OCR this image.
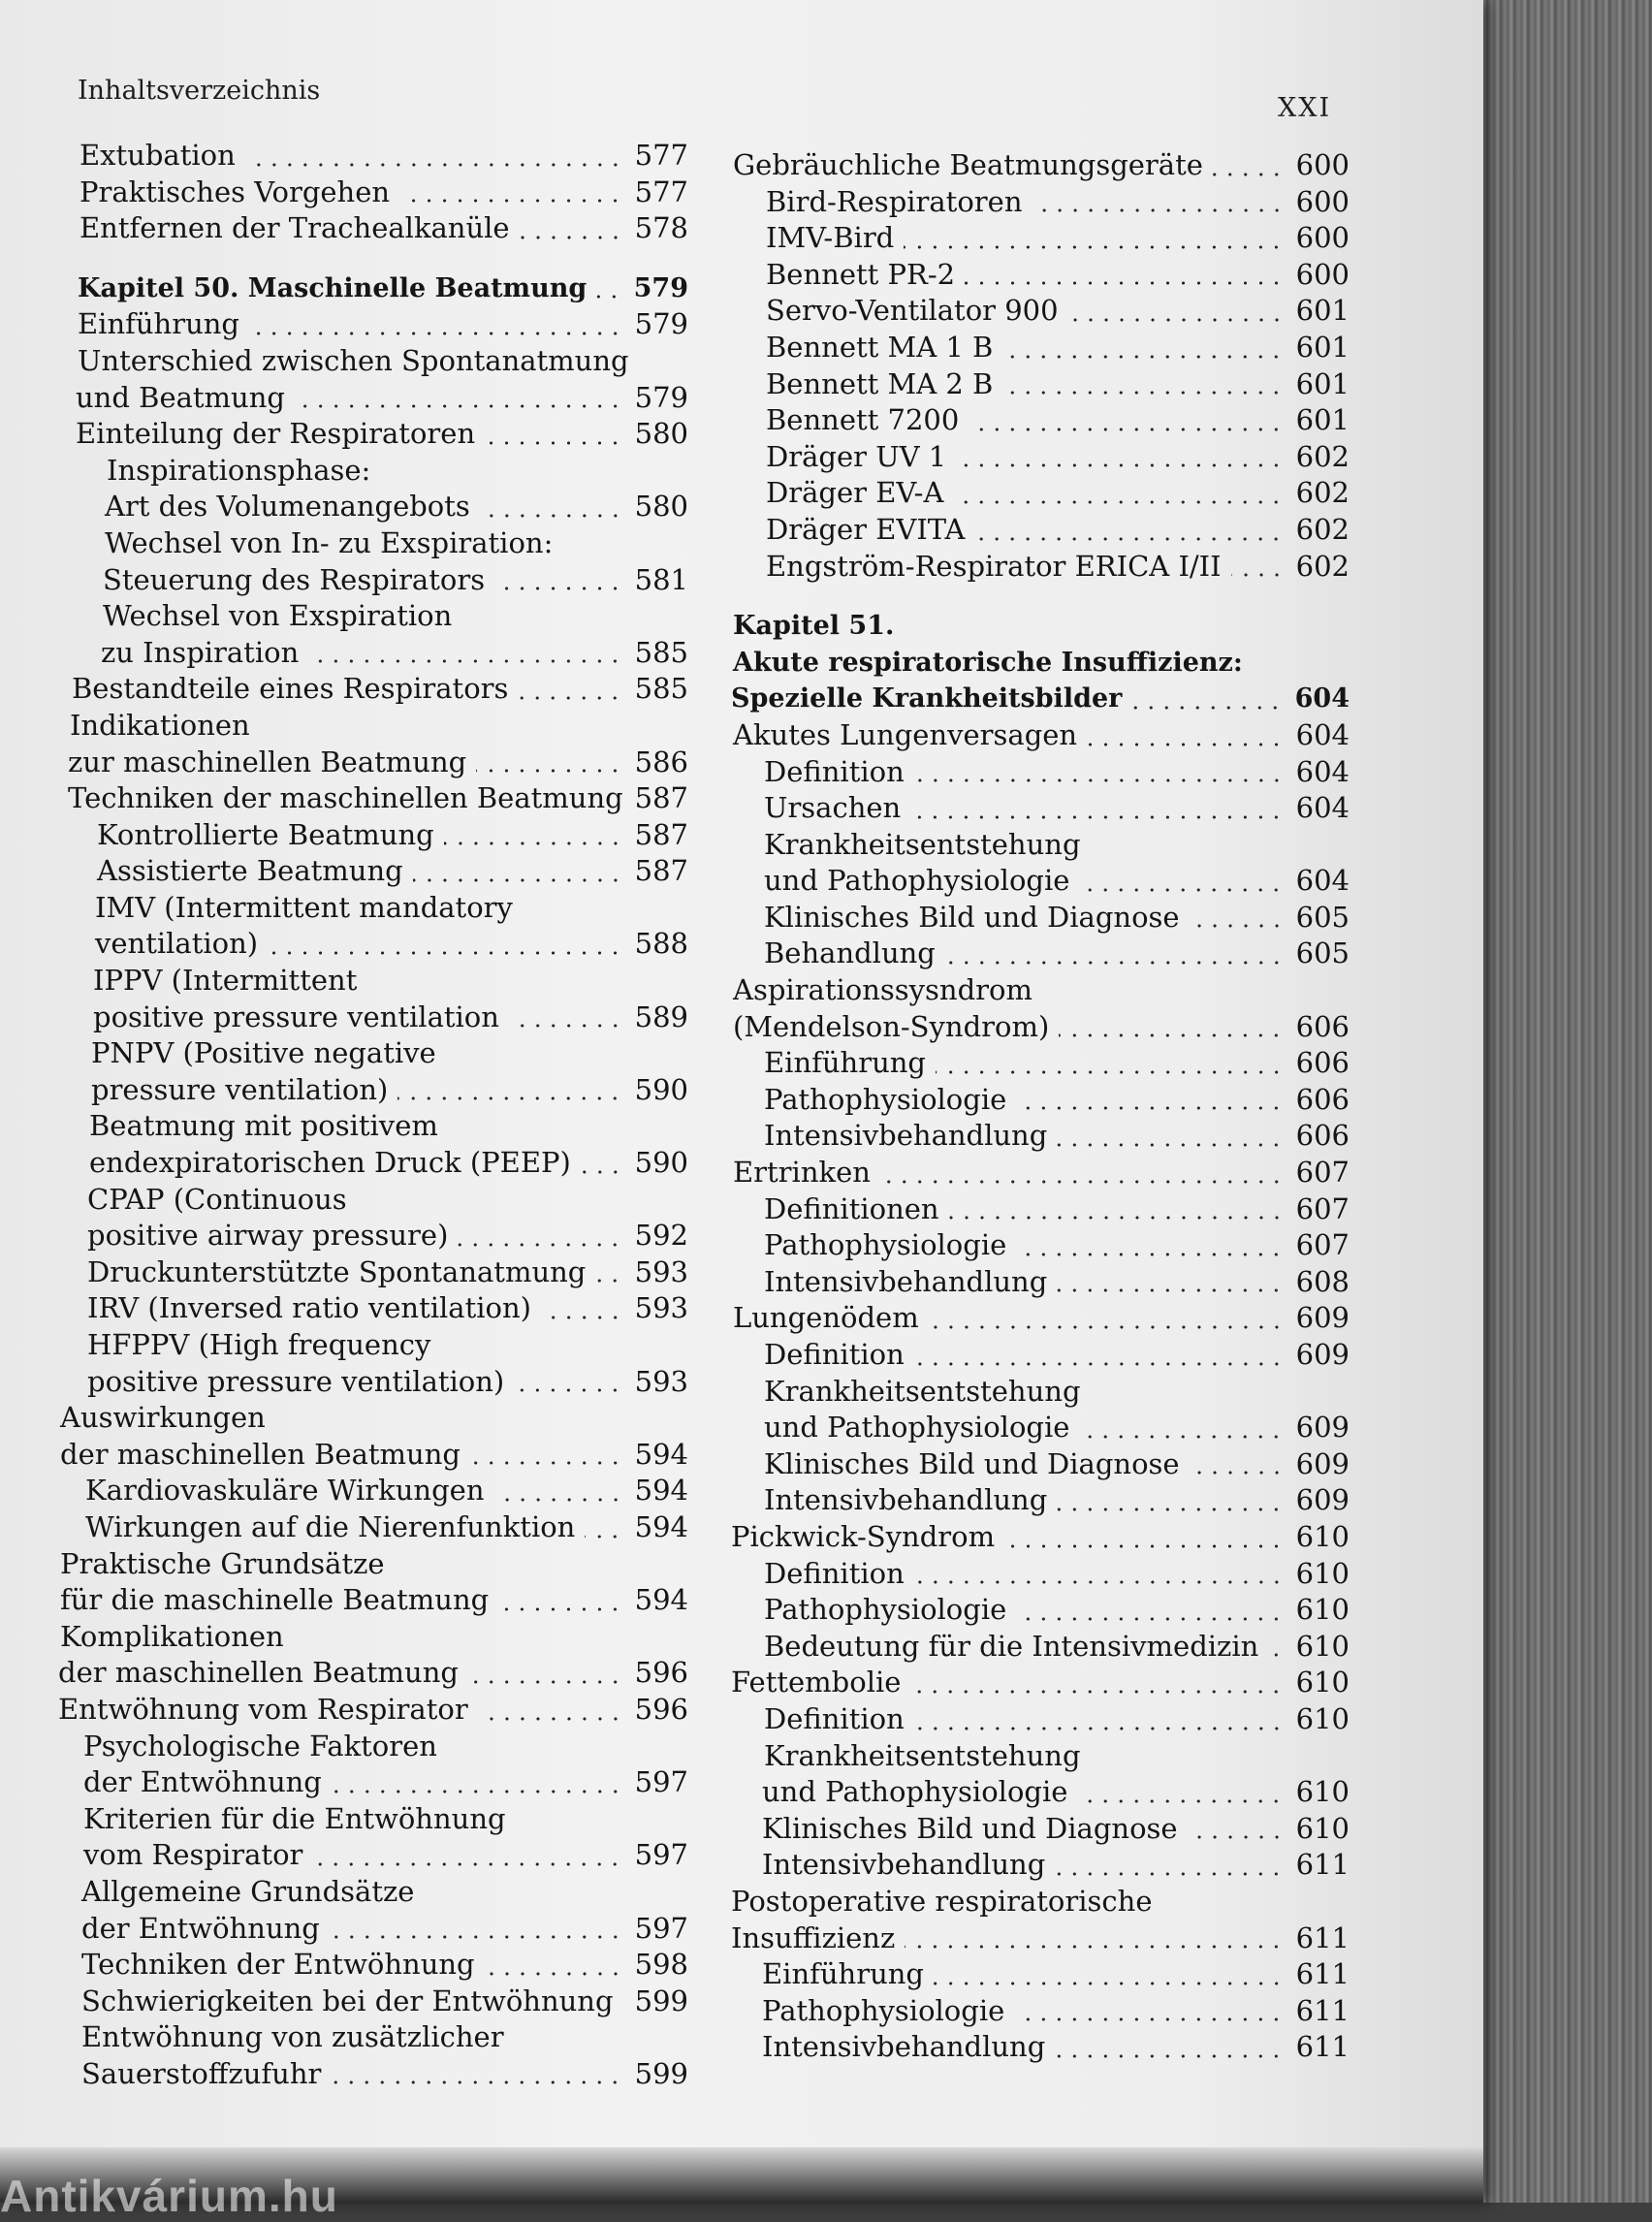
Inhaltsverzeichnis
XXI
Extubation	577
Praktisches Vorgehen	577
Entfernen der Trachealkanüle	578
Kapitel 50. Maschinelle Beatmung 579
Einführung	579
Unterschied zwischen Spontanatmung
und Beatmung	579
Einteilung der Respiratoren	580
Inspirationsphase:
Art des Volumenangebots	580
Wechsel von In- zu Exspiration:
Steuerung des Respirators	581
Wechsel von Exspiration
zu Inspiration	585
Bestandteile eines Respirators	585
Indikationen
zur maschinellen Beatmung	586
Techniken der maschinellen Beatmung 587
Kontrollierte Beatmung	587
Assistierte Beatmung	587
IMV (Intermittent mandatory
ventilation)	588
IPPV (Intermittent
positive pressure ventilation	589
PNPV (Positive negative
pressure ventilation)	590
Beatmung mit positivem
endexpiratorischen Druck (PEEP) 590
CPAP (Continuous
positive airway pressure)	592
Druckunterstützte Spontanatmung 593
IRV (Inversed ratio ventilation)	593
HFPPV (High frequency
positive pressure ventilation)	593
Auswirkungen
der maschinellen Beatmung	594
Kardiovaskuläre Wirkungen	594
Wirkungen auf die Nierenfunktion 594
Praktische Grundsätze
für die maschinelle Beatmung	594
Komplikationen
der maschinellen Beatmung	596
Entwöhnung vom Respirator	596
Psychologische Faktoren
der Entwöhnung	597
Kriterien für die Entwöhnung
vom Respirator	597
Allgemeine Grundsätze
der Entwöhnung	597
Techniken der Entwöhnung	598
Schwierigkeiten bei der Entwöhnung 599
Entwöhnung von zusätzlicher
Sauerstoffzufuhr	599
Gebräuchliche Beatmungsgeräte	600
Bird-Respiratoren	600
IMV-Bird	600
Bennett PR-2	600
Servo-Ventilator 900	601
Bennett MA 1 B	601
Bennett MA 2 B	601
Bennett 7200	601
Dräger UV 1	602
Dräger EV-A	602
Dräger EVITA	602
Engström-Respirator ERICA I/II	602
Kapitel 51.
Akute respiratorische Insuffizienz:
Spezielle Krankheitsbilder	604
Akutes Lungenversagen	604
Definition	604
Ursachen	604
Krankheitsentstehung
und Pathophysiologie	604
Klinisches Bild und Diagnose	605
Behandlung	605
Aspirationssysndrom
(Mendelson-Syndrom)	606
Einführung	606
Pathophysiologie	606
Intensivbehandlung	606
Ertrinken	607
Definitionen	607
Pathophysiologie	607
Intensivbehandlung	608
Lungenödem	609
Definition	609
Krankheitsentstehung
und Pathophysiologie	609
Klinisches Bild und Diagnose	609
Intensivbehandlung	609
Pickwick-Syndrom	610
Definition	610
Pathophysiologie	610
Bedeutung für die Intensivmedizin 610
Fettembolie	610
Definition	610
Krankheitsentstehung
und Pathophysiologie	610
Klinisches Bild und Diagnose	610
Intensivbehandlung	611
Postoperative respiratorische
Insuffizienz	611
Einführung	611
Pathophysiologie	611
Intensivbehandlung	611
Antikvárium.hu
